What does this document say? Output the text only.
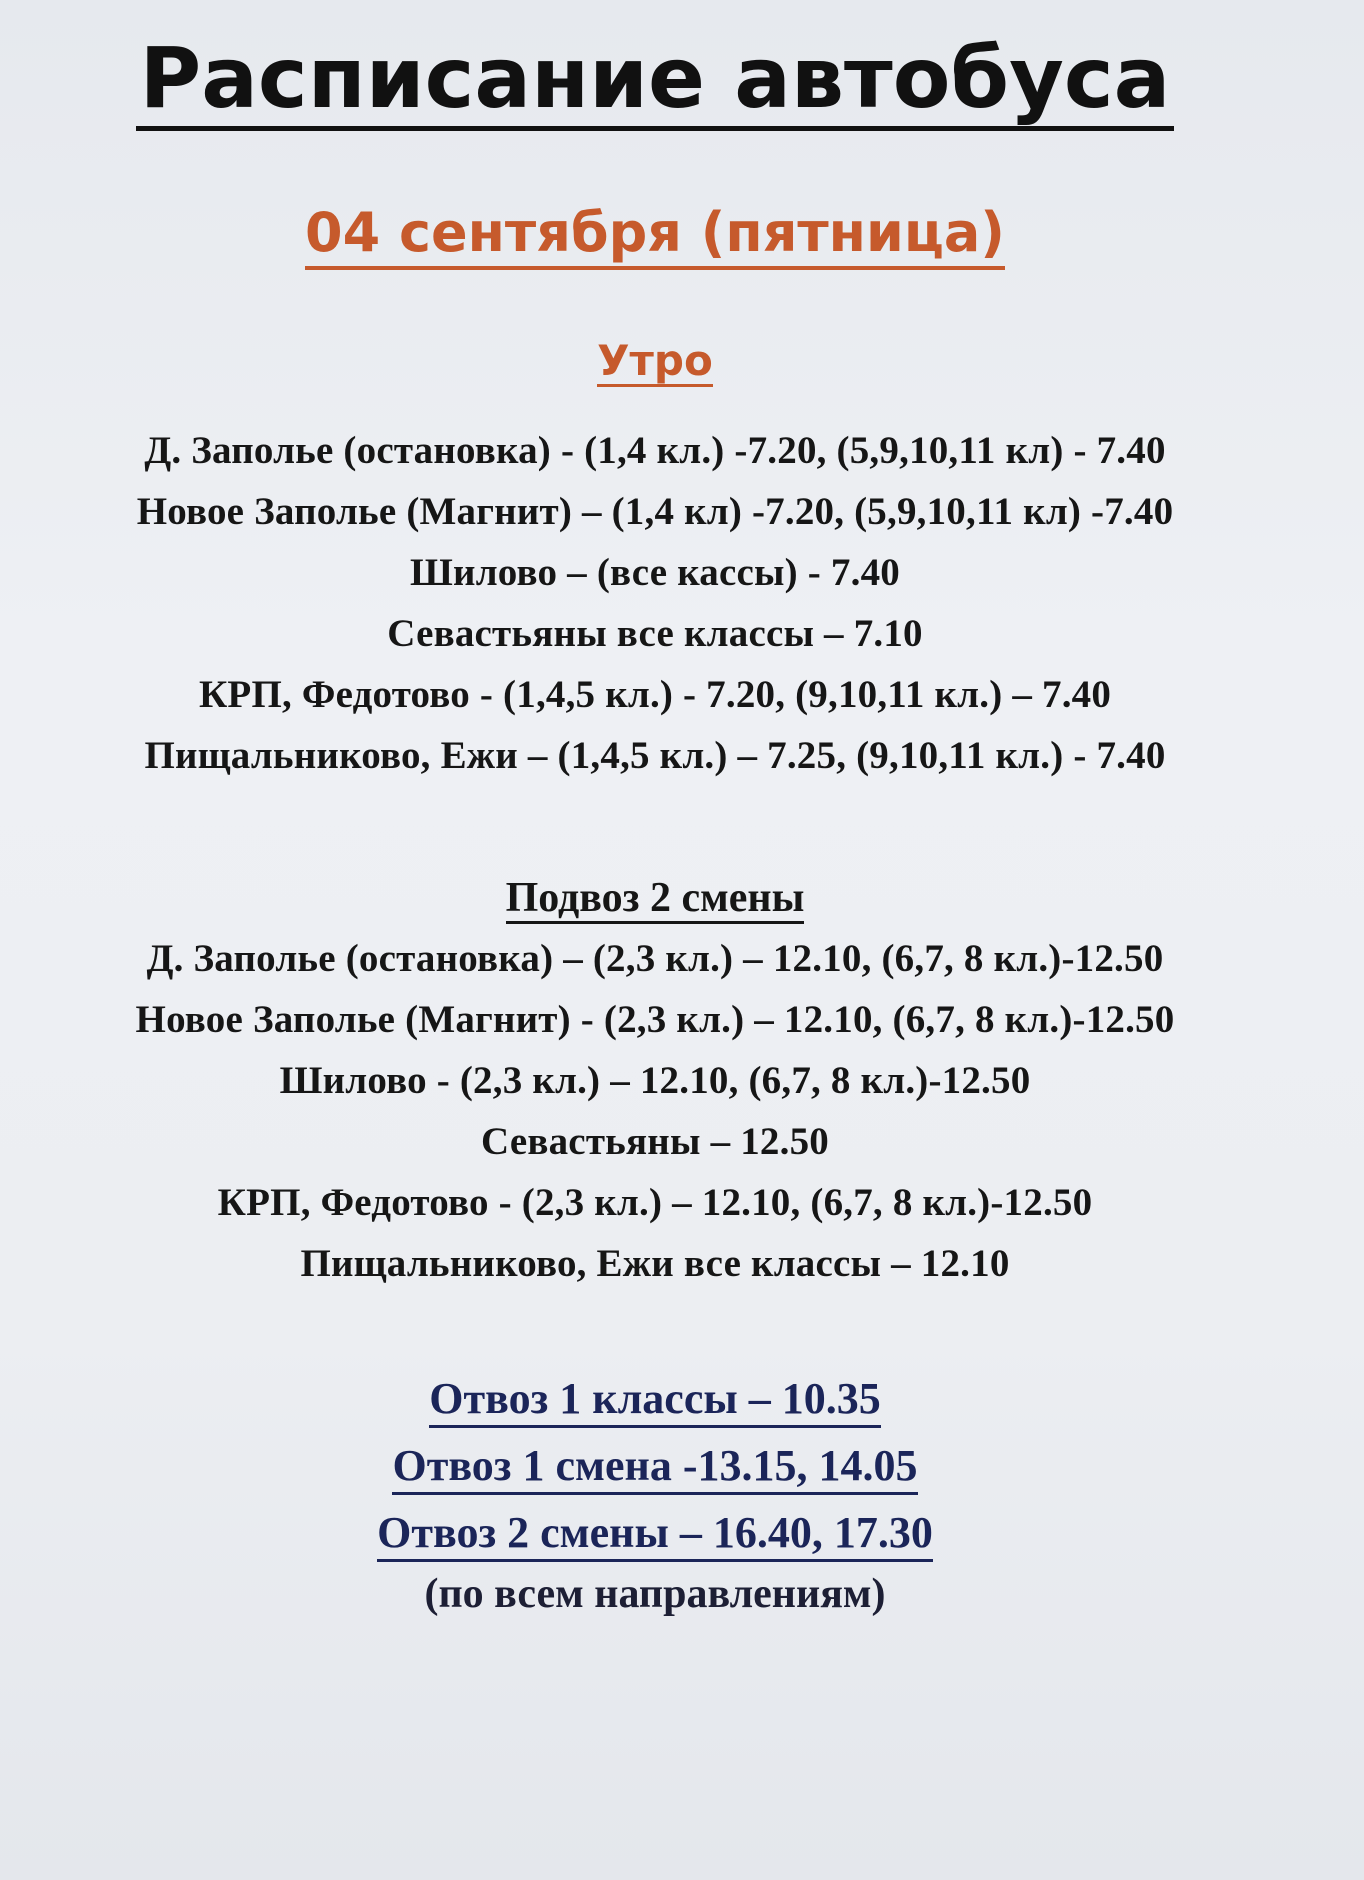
Расписание автобуса
04 сентября (пятница)
Утро
Д. Заполье (остановка) - (1,4 кл.) -7.20, (5,9,10,11 кл) - 7.40
Новое Заполье (Магнит) – (1,4 кл) -7.20, (5,9,10,11 кл) -7.40
Шилово – (все кассы) - 7.40
Севастьяны все классы – 7.10
КРП, Федотово - (1,4,5 кл.) - 7.20, (9,10,11 кл.) – 7.40
Пищальниково, Ежи – (1,4,5 кл.) – 7.25, (9,10,11 кл.) - 7.40
Подвоз 2 смены
Д. Заполье (остановка) – (2,3 кл.) – 12.10, (6,7, 8 кл.)-12.50
Новое Заполье (Магнит) - (2,3 кл.) – 12.10, (6,7, 8 кл.)-12.50
Шилово - (2,3 кл.) – 12.10, (6,7, 8 кл.)-12.50
Севастьяны – 12.50
КРП, Федотово - (2,3 кл.) – 12.10, (6,7, 8 кл.)-12.50
Пищальниково, Ежи все классы – 12.10
Отвоз 1 классы – 10.35
Отвоз 1 смена -13.15, 14.05
Отвоз 2 смены – 16.40, 17.30
(по всем направлениям)
